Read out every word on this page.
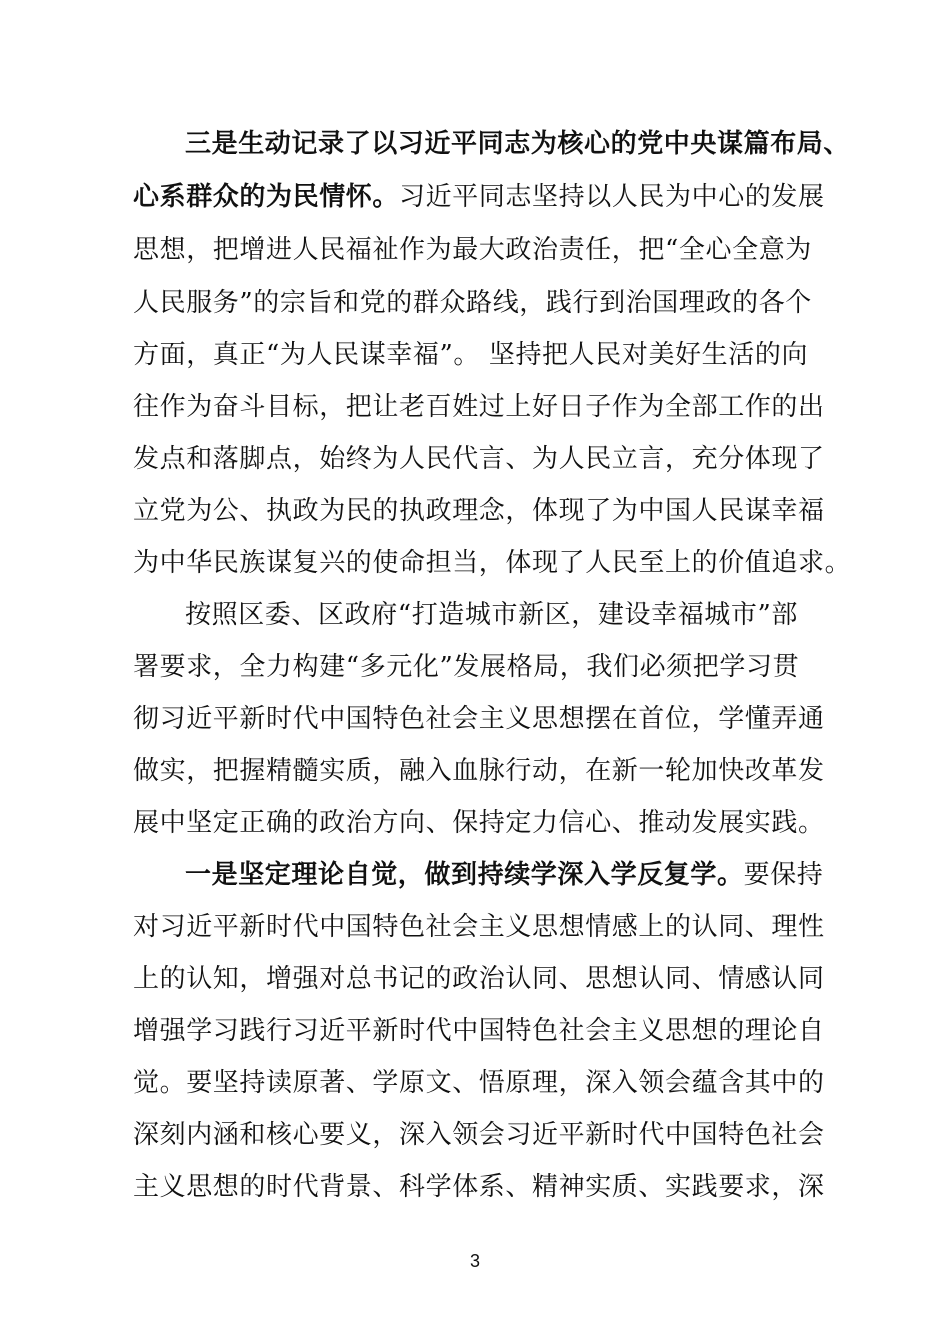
三是生动记录了以习近平同志为核心的党中央谋篇布局、
心系群众的为民情怀。习近平同志坚持以人民为中心的发展
思想，把增进人民福祉作为最大政治责任，把“全心全意为
人民服务”的宗旨和党的群众路线，践行到治国理政的各个
方面，真正“为人民谋幸福”。 坚持把人民对美好生活的向
往作为奋斗目标，把让老百姓过上好日子作为全部工作的出
发点和落脚点，始终为人民代言、为人民立言，充分体现了
立党为公、执政为民的执政理念，体现了为中国人民谋幸福
为中华民族谋复兴的使命担当，体现了人民至上的价值追求。
按照区委、区政府“打造城市新区，建设幸福城市”部
署要求，全力构建“多元化”发展格局，我们必须把学习贯
彻习近平新时代中国特色社会主义思想摆在首位，学懂弄通
做实，把握精髓实质，融入血脉行动，在新一轮加快改革发
展中坚定正确的政治方向、保持定力信心、推动发展实践。
一是坚定理论自觉，做到持续学深入学反复学。要保持
对习近平新时代中国特色社会主义思想情感上的认同、理性
上的认知，增强对总书记的政治认同、思想认同、情感认同
增强学习践行习近平新时代中国特色社会主义思想的理论自
觉。要坚持读原著、学原文、悟原理，深入领会蕴含其中的
深刻内涵和核心要义，深入领会习近平新时代中国特色社会
主义思想的时代背景、科学体系、精神实质、实践要求，深
3
